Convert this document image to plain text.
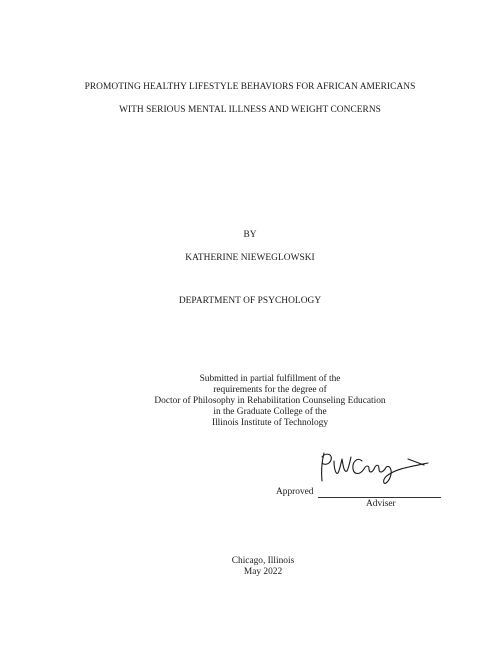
PROMOTING HEALTHY LIFESTYLE BEHAVIORS FOR AFRICAN AMERICANS
WITH SERIOUS MENTAL ILLNESS AND WEIGHT CONCERNS
BY
KATHERINE NIEWEGLOWSKI
DEPARTMENT OF PSYCHOLOGY
Submitted in partial fulfillment of the
requirements for the degree of
Doctor of Philosophy in Rehabilitation Counseling Education
in the Graduate College of the
Illinois Institute of Technology
Approved
Adviser
Chicago, Illinois
May 2022
